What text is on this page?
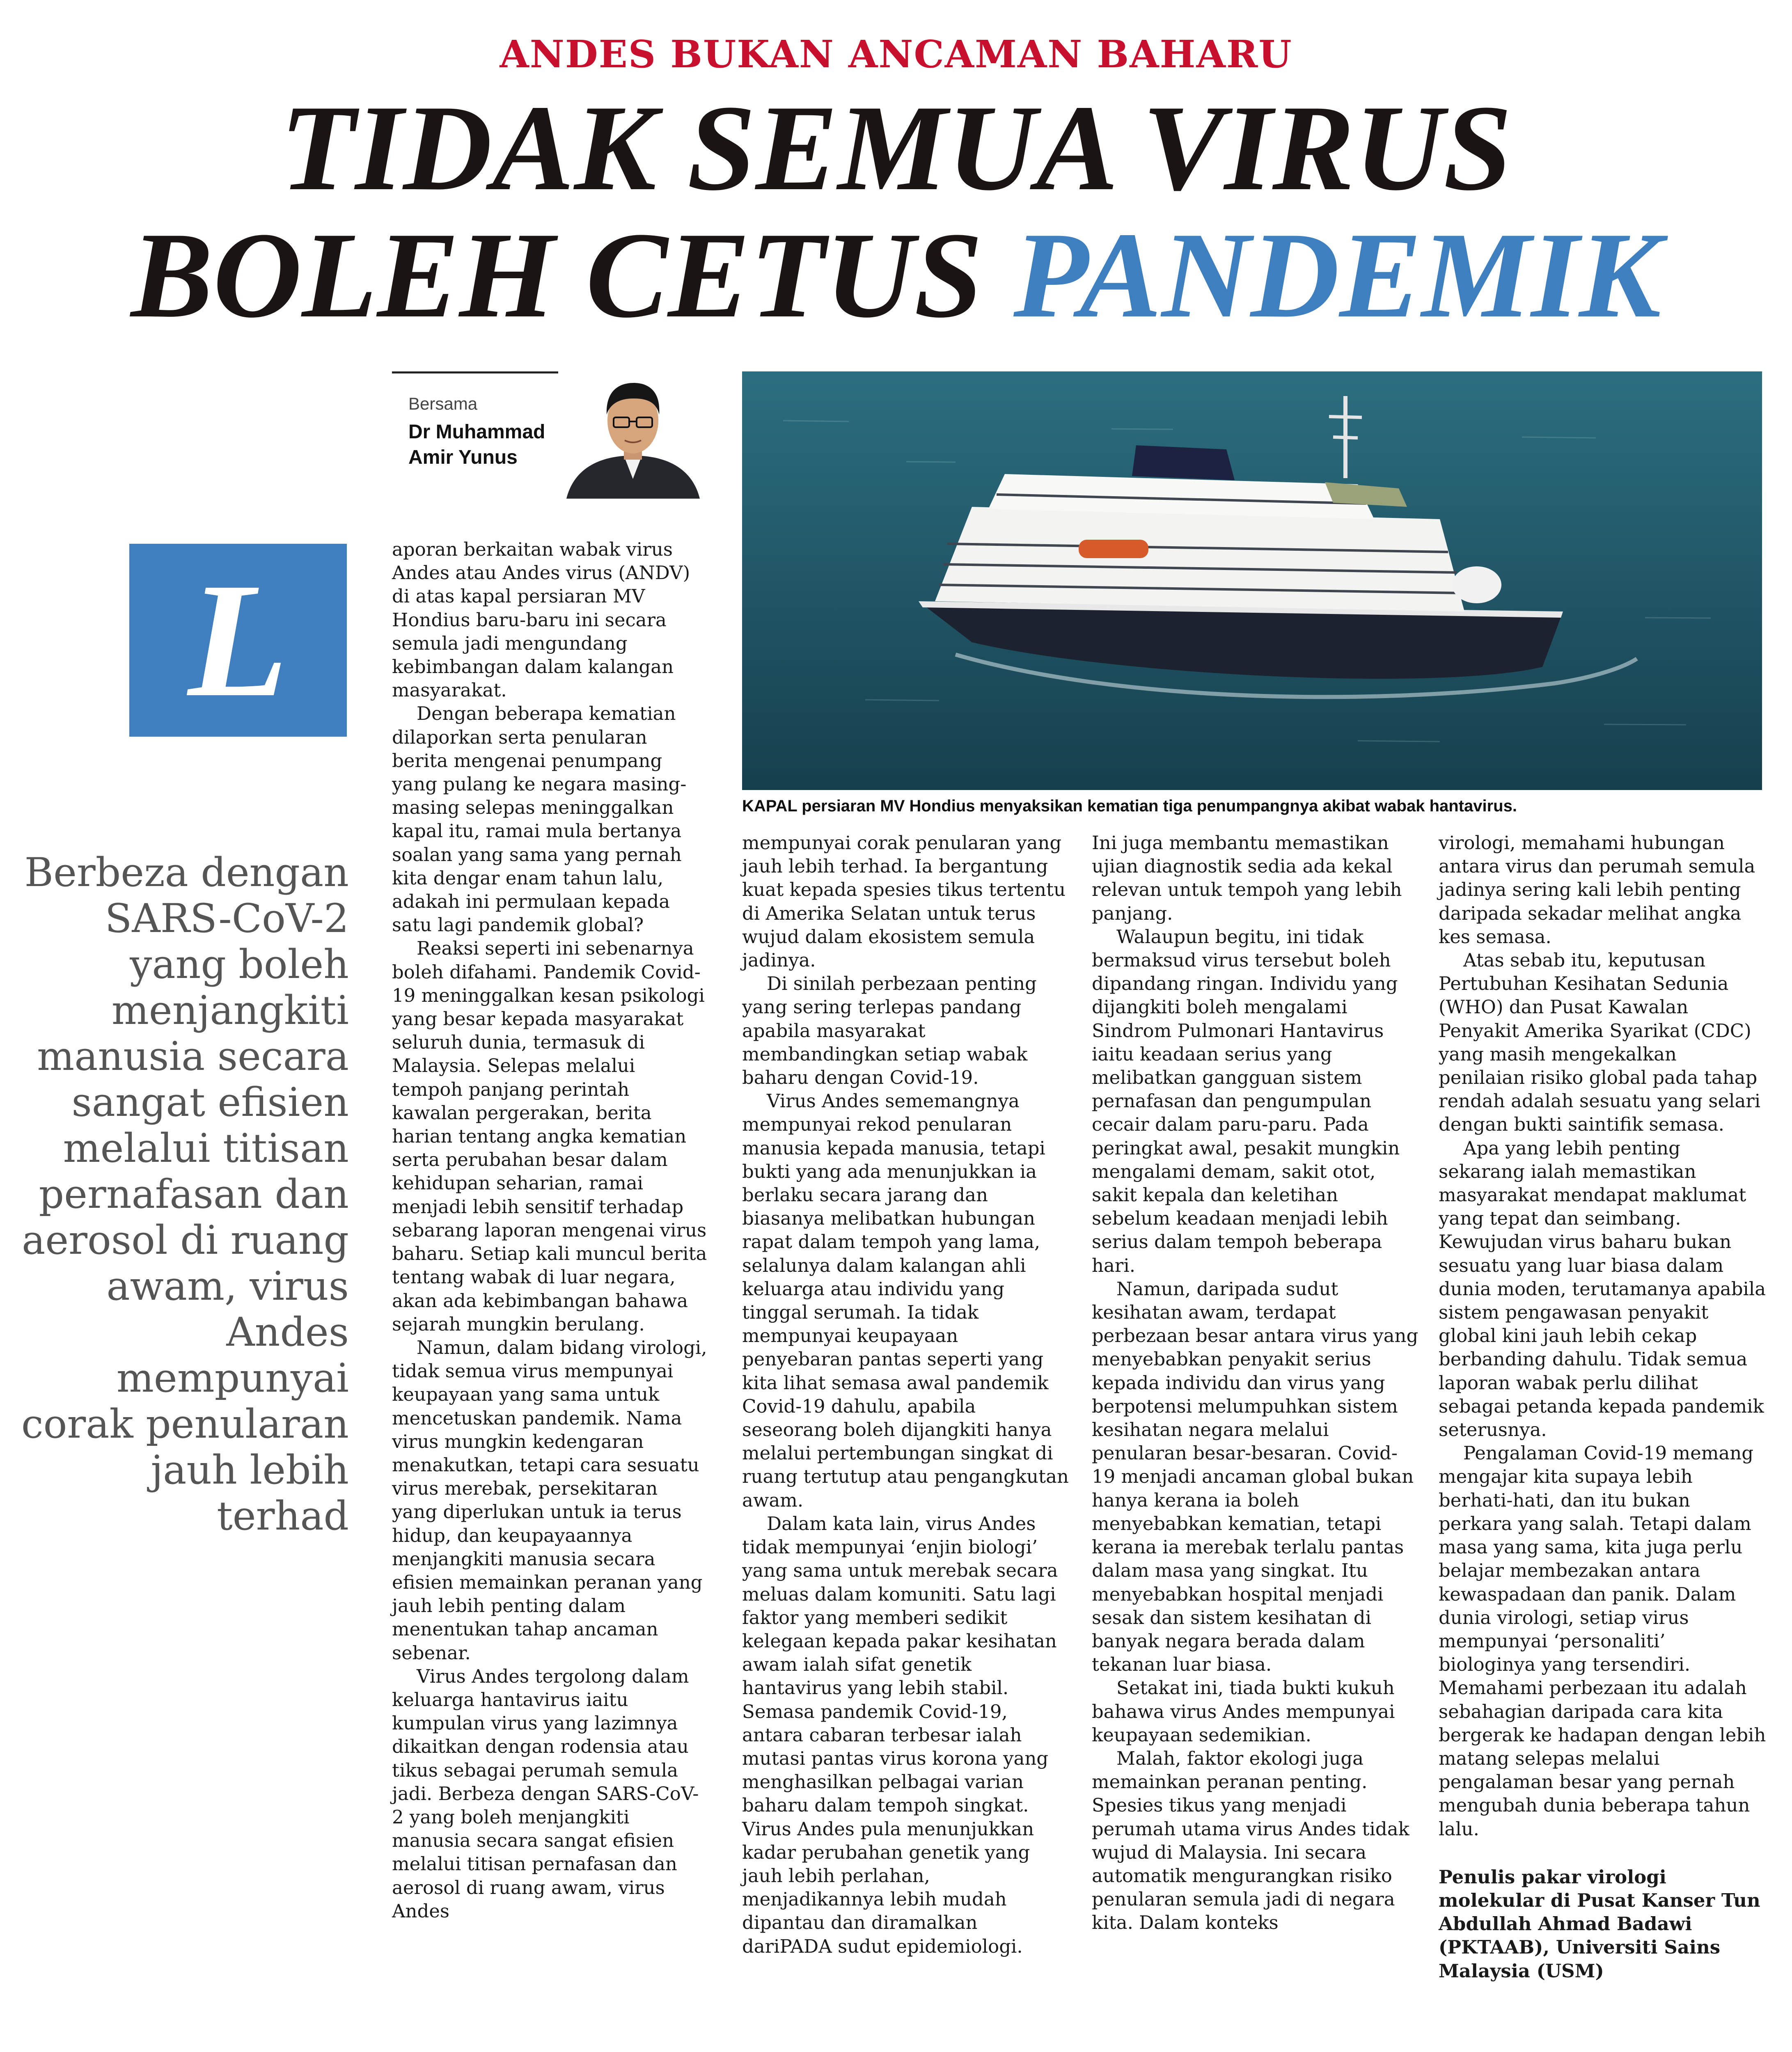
ANDES BUKAN ANCAMAN BAHARU
TIDAK SEMUA VIRUS
BOLEH CETUS PANDEMIK
Bersama
Dr Muhammad
Amir Yunus
KAPAL persiaran MV Hondius menyaksikan kematian tiga penumpangnya akibat wabak hantavirus.
L
Berbeza dengan SARS-CoV-2 yang boleh menjangkiti manusia secara sangat efisien melalui titisan pernafasan dan aerosol di ruang awam, virus Andes mempunyai corak penularan jauh lebih terhad

aporan berkaitan wabak virus Andes atau Andes virus (ANDV) di atas kapal persiaran MV Hondius baru-baru ini secara semula jadi mengundang kebimbangan dalam kalangan masyarakat.

Dengan beberapa kematian dilaporkan serta penularan berita mengenai penumpang yang pulang ke negara masing-masing selepas meninggalkan kapal itu, ramai mula bertanya soalan yang sama yang pernah kita dengar enam tahun lalu, adakah ini permulaan kepada satu lagi pandemik global?

Reaksi seperti ini sebenarnya boleh difahami. Pandemik Covid-19 meninggalkan kesan psikologi yang besar kepada masyarakat seluruh dunia, termasuk di Malaysia. Selepas melalui tempoh panjang perintah kawalan pergerakan, berita harian tentang angka kematian serta perubahan besar dalam kehidupan seharian, ramai menjadi lebih sensitif terhadap sebarang laporan mengenai virus baharu. Setiap kali muncul berita tentang wabak di luar negara, akan ada kebimbangan bahawa sejarah mungkin berulang.

Namun, dalam bidang virologi, tidak semua virus mempunyai keupayaan yang sama untuk mencetuskan pandemik. Nama virus mungkin kedengaran menakutkan, tetapi cara sesuatu virus merebak, persekitaran yang diperlukan untuk ia terus hidup, dan keupayaannya menjangkiti manusia secara efisien memainkan peranan yang jauh lebih penting dalam menentukan tahap ancaman sebenar.

Virus Andes tergolong dalam keluarga hantavirus iaitu kumpulan virus yang lazimnya dikaitkan dengan rodensia atau tikus sebagai perumah semula jadi. Berbeza dengan SARS-CoV-2 yang boleh menjangkiti manusia secara sangat efisien melalui titisan pernafasan dan aerosol di ruang awam, virus Andes

mempunyai corak penularan yang jauh lebih terhad. Ia bergantung kuat kepada spesies tikus tertentu di Amerika Selatan untuk terus wujud dalam ekosistem semula jadinya.

Di sinilah perbezaan penting yang sering terlepas pandang apabila masyarakat membandingkan setiap wabak baharu dengan Covid-19.

Virus Andes sememangnya mempunyai rekod penularan manusia kepada manusia, tetapi bukti yang ada menunjukkan ia berlaku secara jarang dan biasanya melibatkan hubungan rapat dalam tempoh yang lama, selalunya dalam kalangan ahli keluarga atau individu yang tinggal serumah. Ia tidak mempunyai keupayaan penyebaran pantas seperti yang kita lihat semasa awal pandemik Covid-19 dahulu, apabila seseorang boleh dijangkiti hanya melalui pertembungan singkat di ruang tertutup atau pengangkutan awam.

Dalam kata lain, virus Andes tidak mempunyai ‘enjin biologi’ yang sama untuk merebak secara meluas dalam komuniti. Satu lagi faktor yang memberi sedikit kelegaan kepada pakar kesihatan awam ialah sifat genetik hantavirus yang lebih stabil. Semasa pandemik Covid-19, antara cabaran terbesar ialah mutasi pantas virus korona yang menghasilkan pelbagai varian baharu dalam tempoh singkat. Virus Andes pula menunjukkan kadar perubahan genetik yang jauh lebih perlahan, menjadikannya lebih mudah dipantau dan diramalkan dariPADA sudut epidemiologi.

Ini juga membantu memastikan ujian diagnostik sedia ada kekal relevan untuk tempoh yang lebih panjang.

Walaupun begitu, ini tidak bermaksud virus tersebut boleh dipandang ringan. Individu yang dijangkiti boleh mengalami Sindrom Pulmonari Hantavirus iaitu keadaan serius yang melibatkan gangguan sistem pernafasan dan pengumpulan cecair dalam paru-paru. Pada peringkat awal, pesakit mungkin mengalami demam, sakit otot, sakit kepala dan keletihan sebelum keadaan menjadi lebih serius dalam tempoh beberapa hari.

Namun, daripada sudut kesihatan awam, terdapat perbezaan besar antara virus yang menyebabkan penyakit serius kepada individu dan virus yang berpotensi melumpuhkan sistem kesihatan negara melalui penularan besar-besaran. Covid-19 menjadi ancaman global bukan hanya kerana ia boleh menyebabkan kematian, tetapi kerana ia merebak terlalu pantas dalam masa yang singkat. Itu menyebabkan hospital menjadi sesak dan sistem kesihatan di banyak negara berada dalam tekanan luar biasa.

Setakat ini, tiada bukti kukuh bahawa virus Andes mempunyai keupayaan sedemikian.

Malah, faktor ekologi juga memainkan peranan penting. Spesies tikus yang menjadi perumah utama virus Andes tidak wujud di Malaysia. Ini secara automatik mengurangkan risiko penularan semula jadi di negara kita. Dalam konteks

virologi, memahami hubungan antara virus dan perumah semula jadinya sering kali lebih penting daripada sekadar melihat angka kes semasa.

Atas sebab itu, keputusan Pertubuhan Kesihatan Sedunia (WHO) dan Pusat Kawalan Penyakit Amerika Syarikat (CDC) yang masih mengekalkan penilaian risiko global pada tahap rendah adalah sesuatu yang selari dengan bukti saintifik semasa.

Apa yang lebih penting sekarang ialah memastikan masyarakat mendapat maklumat yang tepat dan seimbang. Kewujudan virus baharu bukan sesuatu yang luar biasa dalam dunia moden, terutamanya apabila sistem pengawasan penyakit global kini jauh lebih cekap berbanding dahulu. Tidak semua laporan wabak perlu dilihat sebagai petanda kepada pandemik seterusnya.

Pengalaman Covid-19 memang mengajar kita supaya lebih berhati-hati, dan itu bukan perkara yang salah. Tetapi dalam masa yang sama, kita juga perlu belajar membezakan antara kewaspadaan dan panik. Dalam dunia virologi, setiap virus mempunyai ‘personaliti’ biologinya yang tersendiri. Memahami perbezaan itu adalah sebahagian daripada cara kita bergerak ke hadapan dengan lebih matang selepas melalui pengalaman besar yang pernah mengubah dunia beberapa tahun lalu.

Penulis pakar virologi molekular di Pusat Kanser Tun Abdullah Ahmad Badawi (PKTAAB), Universiti Sains Malaysia (USM)
